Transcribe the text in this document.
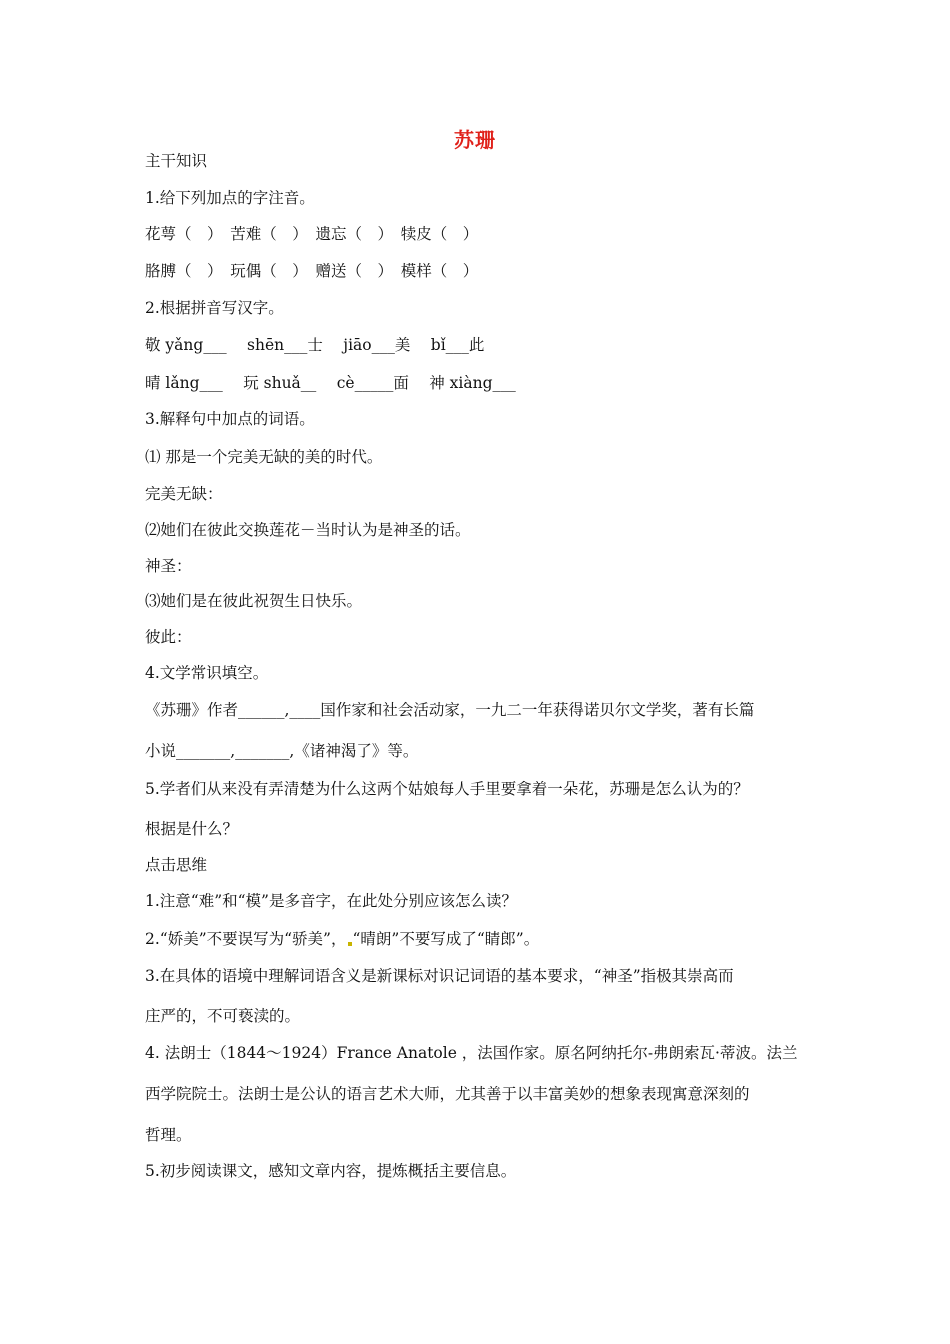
苏珊
主干知识
1.给下列加点的字注音。
花萼（　）　苦难（　）　遗忘（　）　犊皮（　）
胳膊（　）　玩偶（　）　赠送（　）　模样（　）
2.根据拼音写汉字。
敬 yǎng___　 shēn___士　 jiāo___美　 bǐ___此
晴 lǎng___　 玩 shuǎ__　 cè_____面　 神 xiàng___
3.解释句中加点的词语。
⑴ 那是一个完美无缺的美的时代。
完美无缺：
⑵她们在彼此交换莲花－当时认为是神圣的话。
神圣：
⑶她们是在彼此祝贺生日快乐。
彼此：
4.文学常识填空。
《苏珊》作者______,____国作家和社会活动家，一九二一年获得诺贝尔文学奖，著有长篇
小说_______,_______,《诸神渴了》等。
5.学者们从来没有弄清楚为什么这两个姑娘每人手里要拿着一朵花，苏珊是怎么认为的？
根据是什么？
点击思维
1.注意“难”和“模”是多音字，在此处分别应该怎么读？
2.“娇美”不要误写为“骄美”， “晴朗”不要写成了“睛郎”。
3.在具体的语境中理解词语含义是新课标对识记词语的基本要求，“神圣”指极其崇高而
庄严的，不可亵渎的。
4. 法朗士（1844～1924）France Anatole ，法国作家。原名阿纳托尔-弗朗索瓦·蒂波。法兰
西学院院士。法朗士是公认的语言艺术大师，尤其善于以丰富美妙的想象表现寓意深刻的
哲理。
5.初步阅读课文，感知文章内容，提炼概括主要信息。
